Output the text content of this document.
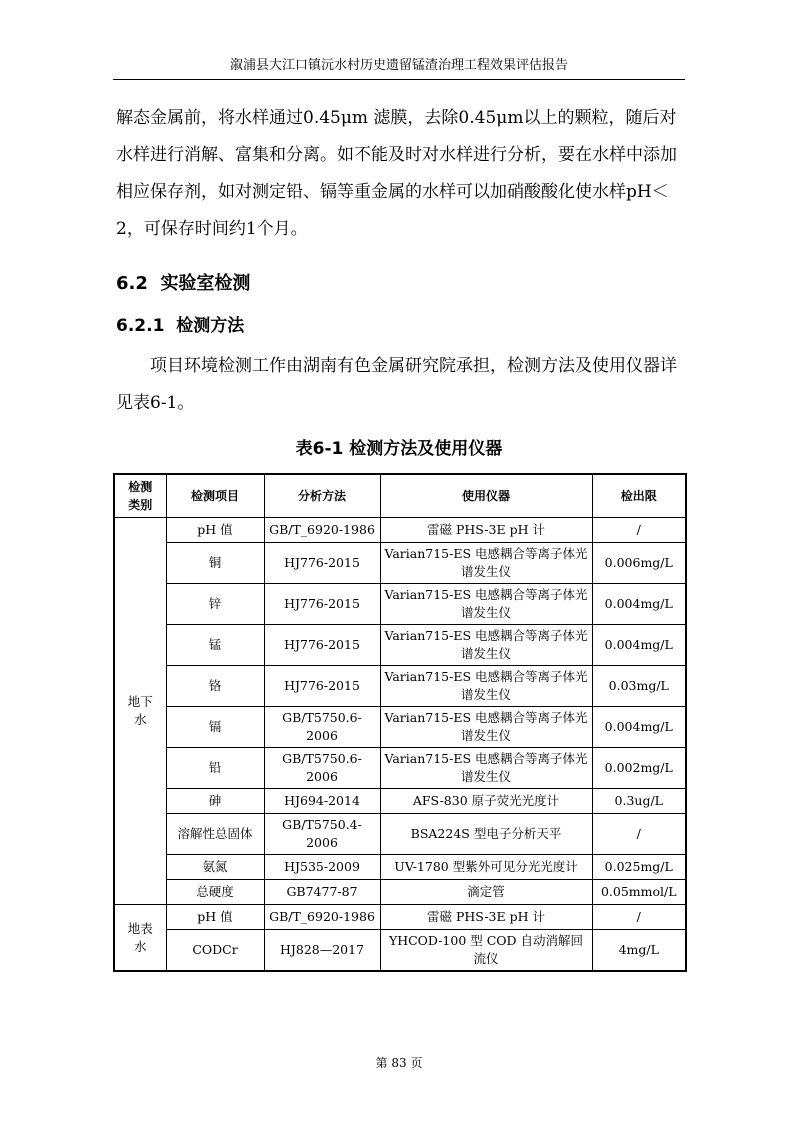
溆浦县大江口镇沅水村历史遗留锰渣治理工程效果评估报告

解态金属前，将水样通过0.45μm 滤膜，去除0.45μm以上的颗粒，随后对水样进行消解、富集和分离。如不能及时对水样进行分析，要在水样中添加相应保存剂，如对测定铅、镉等重金属的水样可以加硝酸酸化使水样pH＜2，可保存时间约1个月。

6.2 实验室检测
6.2.1 检测方法

项目环境检测工作由湖南有色金属研究院承担，检测方法及使用仪器详见表6-1。

表6-1 检测方法及使用仪器
检测
类别	检测项目	分析方法	使用仪器	检出限
地下
水	pH 值	GB/T_6920-1986	雷磁 PHS-3E pH 计	/
	铜	HJ776-2015	Varian715-ES 电感耦合等离子体光谱发生仪	0.006mg/L
	锌	HJ776-2015	Varian715-ES 电感耦合等离子体光谱发生仪	0.004mg/L
	锰	HJ776-2015	Varian715-ES 电感耦合等离子体光谱发生仪	0.004mg/L
	铬	HJ776-2015	Varian715-ES 电感耦合等离子体光谱发生仪	0.03mg/L
	镉	GB/T5750.6-2006	Varian715-ES 电感耦合等离子体光谱发生仪	0.004mg/L
	铅	GB/T5750.6-2006	Varian715-ES 电感耦合等离子体光谱发生仪	0.002mg/L
	砷	HJ694-2014	AFS-830 原子荧光光度计	0.3ug/L
	溶解性总固体	GB/T5750.4-2006	BSA224S 型电子分析天平	/
	氨氮	HJ535-2009	UV-1780 型紫外可见分光光度计	0.025mg/L
	总硬度	GB7477-87	滴定管	0.05mmol/L
地表
水	pH 值	GB/T_6920-1986	雷磁 PHS-3E pH 计	/
	CODCr	HJ828—2017	YHCOD-100 型 COD 自动消解回流仪	4mg/L
第 83 页
